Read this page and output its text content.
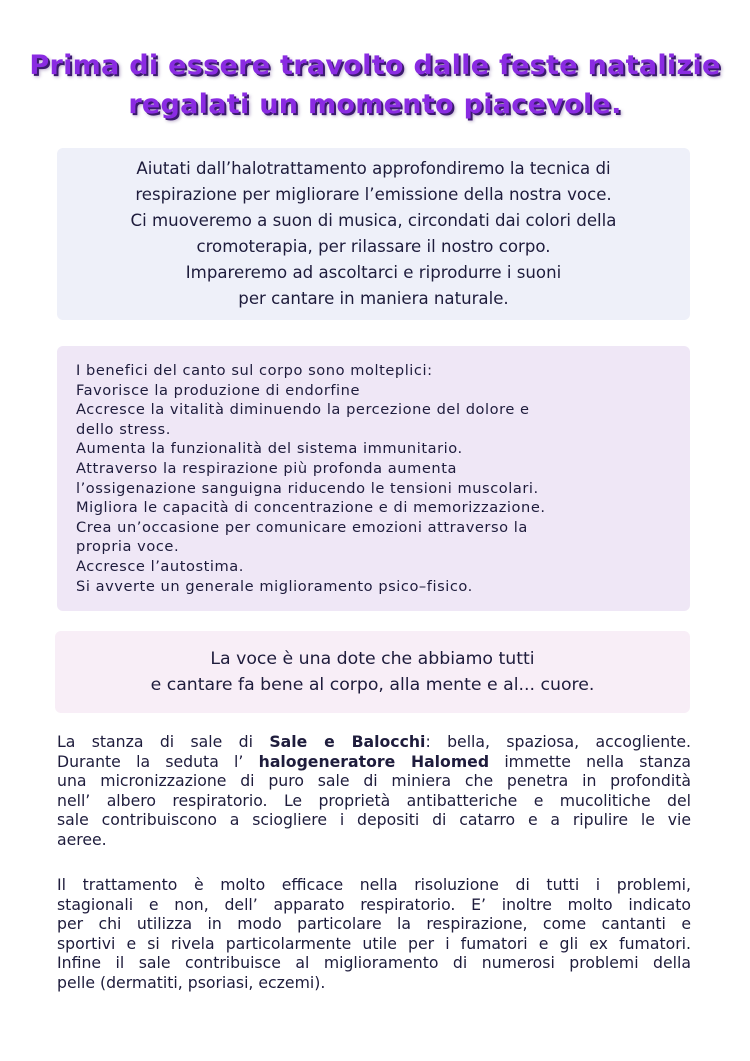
Prima di essere travolto dalle feste natalizie
regalati un momento piacevole.
Aiutati dall’halotrattamento approfondiremo la tecnica di
respirazione per migliorare l’emissione della nostra voce.
Ci muoveremo a suon di musica, circondati dai colori della
cromoterapia, per rilassare il nostro corpo.
Impareremo ad ascoltarci e riprodurre i suoni
per cantare in maniera naturale.
I benefici del canto sul corpo sono molteplici:
Favorisce la produzione di endorfine
Accresce la vitalità diminuendo la percezione del dolore e
dello stress.
Aumenta la funzionalità del sistema immunitario.
Attraverso la respirazione più profonda aumenta
l’ossigenazione sanguigna riducendo le tensioni muscolari.
Migliora le capacità di concentrazione e di memorizzazione.
Crea un’occasione per comunicare emozioni attraverso la
propria voce.
Accresce l’autostima.
Si avverte un generale miglioramento psico–fisico.
La voce è una dote che abbiamo tutti
e cantare fa bene al corpo, alla mente e al... cuore.
La stanza di sale di Sale e Balocchi: bella, spaziosa, accogliente.
Durante la seduta l’ halogeneratore Halomed immette nella stanza
una micronizzazione di puro sale di miniera che penetra in profondità
nell’ albero respiratorio. Le proprietà antibatteriche e mucolitiche del
sale contribuiscono a sciogliere i depositi di catarro e a ripulire le vie
aeree.
Il trattamento è molto efficace nella risoluzione di tutti i problemi,
stagionali e non, dell’ apparato respiratorio. E’ inoltre molto indicato
per chi utilizza in modo particolare la respirazione, come cantanti e
sportivi e si rivela particolarmente utile per i fumatori e gli ex fumatori.
Infine il sale contribuisce al miglioramento di numerosi problemi della
pelle (dermatiti, psoriasi, eczemi).
